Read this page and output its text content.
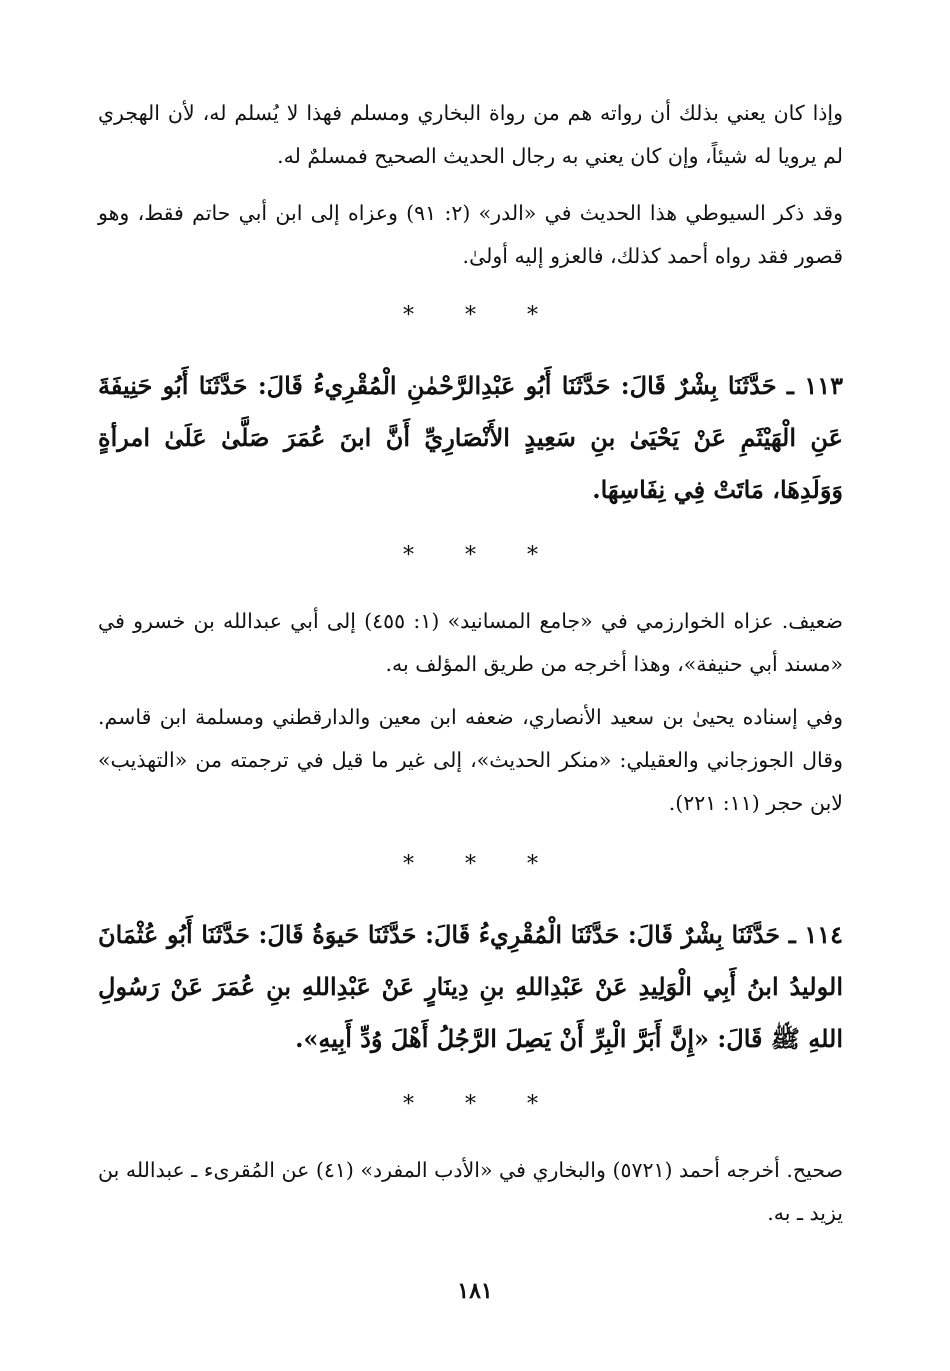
وإذا كان يعني بذلك أن رواته هم من رواة البخاري ومسلم فهذا لا يُسلم له، لأن الهجري لم يرويا له شيئاً، وإن كان يعني به رجال الحديث الصحيح فمسلمٌ له.

وقد ذكر السيوطي هذا الحديث في «الدر» (٢: ٩١) وعزاه إلى ابن أبي حاتم فقط، وهو قصور فقد رواه أحمد كذلك، فالعزو إليه أولىٰ.

* * *

١١٣ ـ حَدَّثَنَا بِشْرٌ قَالَ: حَدَّثَنَا أَبُو عَبْدِالرَّحْمٰنِ الْمُقْرِيءُ قَالَ: حَدَّثَنَا أَبُو حَنِيفَةَ عَنِ الْهَيْثَمِ عَنْ يَحْيَىٰ بنِ سَعِيدٍ الأَنْصَارِيِّ أَنَّ ابنَ عُمَرَ صَلَّىٰ عَلَىٰ امرأةٍ وَوَلَدِهَا، مَاتَتْ فِي نِفَاسِهَا.

* * *

ضعيف. عزاه الخوارزمي في «جامع المسانيد» (١: ٤٥٥) إلى أبي عبدالله بن خسرو في «مسند أبي حنيفة»، وهذا أخرجه من طريق المؤلف به.

وفي إسناده يحيىٰ بن سعيد الأنصاري، ضعفه ابن معين والدارقطني ومسلمة ابن قاسم. وقال الجوزجاني والعقيلي: «منكر الحديث»، إلى غير ما قيل في ترجمته من «التهذيب» لابن حجر (١١: ٢٢١).

* * *

١١٤ ـ حَدَّثَنَا بِشْرٌ قَالَ: حَدَّثَنَا الْمُقْرِيءُ قَالَ: حَدَّثَنَا حَيوَةُ قَالَ: حَدَّثَنَا أَبُو عُثْمَانَ الوليدُ ابنُ أَبِي الْوَلِيدِ عَنْ عَبْدِاللهِ بنِ دِينَارٍ عَنْ عَبْدِاللهِ بنِ عُمَرَ عَنْ رَسُولِ اللهِ ﷺ قَالَ: «إِنَّ أَبَرَّ الْبِرِّ أَنْ يَصِلَ الرَّجُلُ أَهْلَ وُدِّ أَبِيهِ».

* * *

صحيح. أخرجه أحمد (٥٧٢١) والبخاري في «الأدب المفرد» (٤١) عن المُقرىء ـ عبدالله بن يزيد ـ به.

١٨١
